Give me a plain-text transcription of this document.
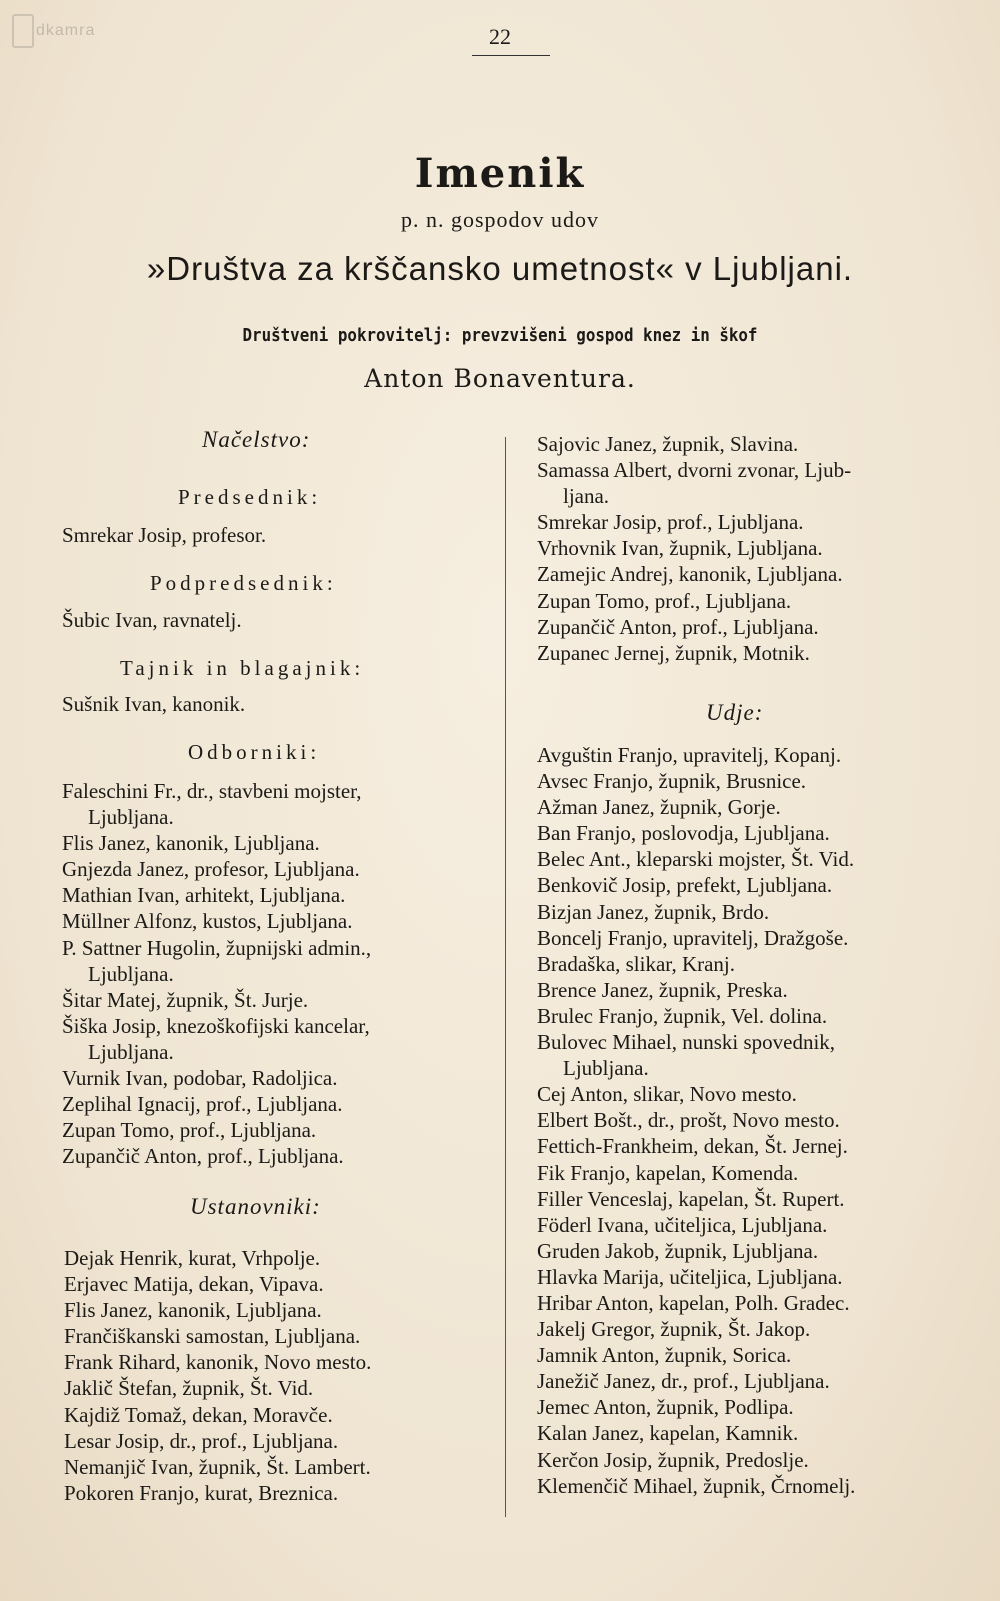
dkamra	22
Imenik
p. n. gospodov udov
»Društva za krščansko umetnost« v Ljubljani.
Društveni pokrovitelj: prevzvišeni gospod knez in škof
Anton Bonaventura.
Načelstvo:
Predsednik:
Smrekar Josip, profesor.
Podpredsednik:
Šubic Ivan, ravnatelj.
Tajnik in blagajnik:
Sušnik Ivan, kanonik.
Odborniki:
Faleschini Fr., dr., stavbeni mojster,
Ljubljana.
Flis Janez, kanonik, Ljubljana.
Gnjezda Janez, profesor, Ljubljana.
Mathian Ivan, arhitekt, Ljubljana.
Müllner Alfonz, kustos, Ljubljana.
P. Sattner Hugolin, župnijski admin.,
Ljubljana.
Šitar Matej, župnik, Št. Jurje.
Šiška Josip, knezoškofijski kancelar,
Ljubljana.
Vurnik Ivan, podobar, Radoljica.
Zeplihal Ignacij, prof., Ljubljana.
Zupan Tomo, prof., Ljubljana.
Zupančič Anton, prof., Ljubljana.
Ustanovniki:
Dejak Henrik, kurat, Vrhpolje.
Erjavec Matija, dekan, Vipava.
Flis Janez, kanonik, Ljubljana.
Frančiškanski samostan, Ljubljana.
Frank Rihard, kanonik, Novo mesto.
Jaklič Štefan, župnik, Št. Vid.
Kajdiž Tomaž, dekan, Moravče.
Lesar Josip, dr., prof., Ljubljana.
Nemanjič Ivan, župnik, Št. Lambert.
Pokoren Franjo, kurat, Breznica.
Sajovic Janez, župnik, Slavina.
Samassa Albert, dvorni zvonar, Ljub-
ljana.
Smrekar Josip, prof., Ljubljana.
Vrhovnik Ivan, župnik, Ljubljana.
Zamejic Andrej, kanonik, Ljubljana.
Zupan Tomo, prof., Ljubljana.
Zupančič Anton, prof., Ljubljana.
Zupanec Jernej, župnik, Motnik.
Udje:
Avguštin Franjo, upravitelj, Kopanj.
Avsec Franjo, župnik, Brusnice.
Ažman Janez, župnik, Gorje.
Ban Franjo, poslovodja, Ljubljana.
Belec Ant., kleparski mojster, Št. Vid.
Benkovič Josip, prefekt, Ljubljana.
Bizjan Janez, župnik, Brdo.
Boncelj Franjo, upravitelj, Dražgoše.
Bradaška, slikar, Kranj.
Brence Janez, župnik, Preska.
Brulec Franjo, župnik, Vel. dolina.
Bulovec Mihael, nunski spovednik,
Ljubljana.
Cej Anton, slikar, Novo mesto.
Elbert Bošt., dr., prošt, Novo mesto.
Fettich-Frankheim, dekan, Št. Jernej.
Fik Franjo, kapelan, Komenda.
Filler Venceslaj, kapelan, Št. Rupert.
Föderl Ivana, učiteljica, Ljubljana.
Gruden Jakob, župnik, Ljubljana.
Hlavka Marija, učiteljica, Ljubljana.
Hribar Anton, kapelan, Polh. Gradec.
Jakelj Gregor, župnik, Št. Jakop.
Jamnik Anton, župnik, Sorica.
Janežič Janez, dr., prof., Ljubljana.
Jemec Anton, župnik, Podlipa.
Kalan Janez, kapelan, Kamnik.
Kerčon Josip, župnik, Predoslje.
Klemenčič Mihael, župnik, Črnomelj.
